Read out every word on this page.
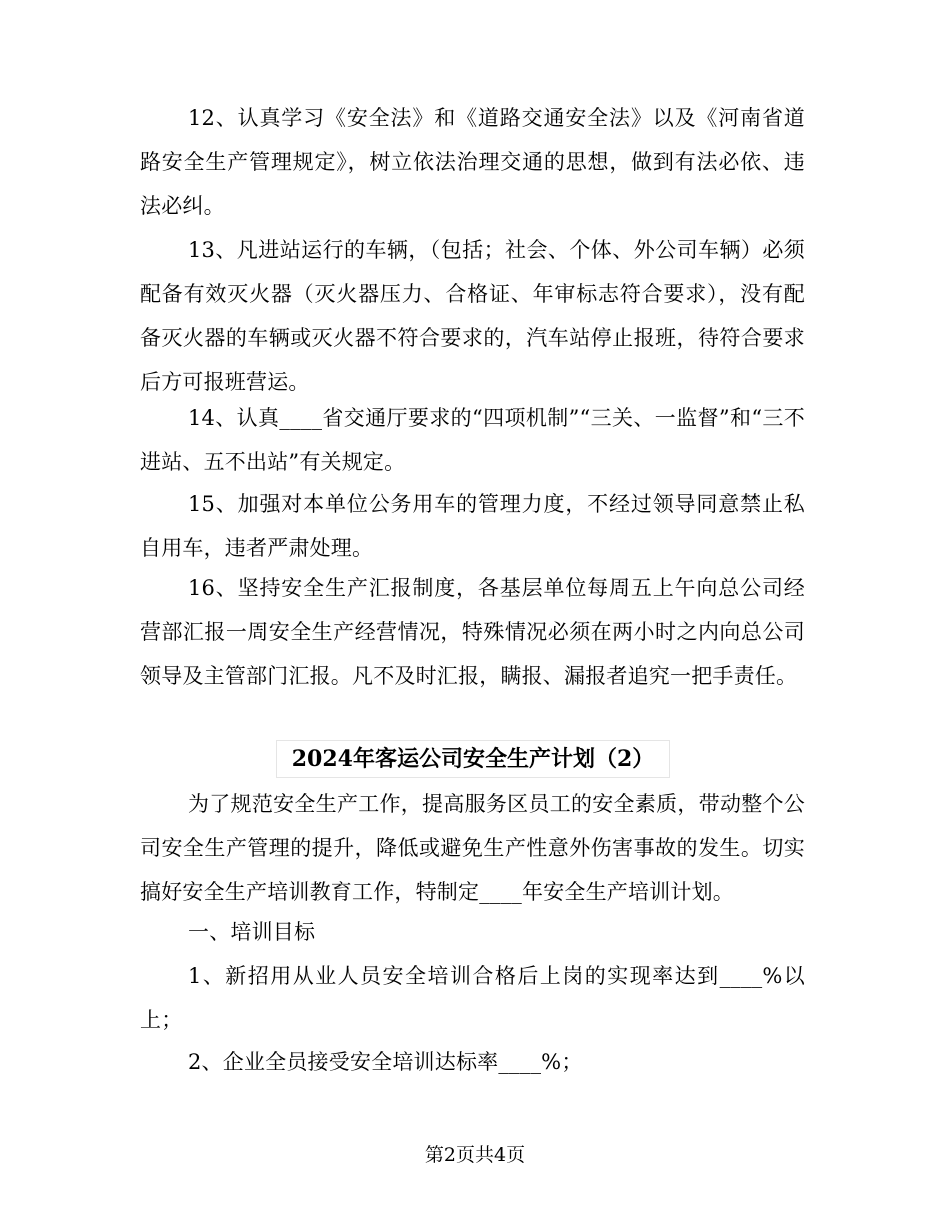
12、认真学习《安全法》和《道路交通安全法》以及《河南省道路安全生产管理规定》，树立依法治理交通的思想，做到有法必依、违法必纠。

13、凡进站运行的车辆，（包括；社会、个体、外公司车辆）必须配备有效灭火器（灭火器压力、合格证、年审标志符合要求），没有配备灭火器的车辆或灭火器不符合要求的，汽车站停止报班，待符合要求后方可报班营运。

14、认真____省交通厅要求的“四项机制”“三关、一监督”和“三不进站、五不出站”有关规定。

15、加强对本单位公务用车的管理力度，不经过领导同意禁止私自用车，违者严肃处理。

16、坚持安全生产汇报制度，各基层单位每周五上午向总公司经营部汇报一周安全生产经营情况，特殊情况必须在两小时之内向总公司领导及主管部门汇报。凡不及时汇报，瞒报、漏报者追究一把手责任。

2024年客运公司安全生产计划（2）

为了规范安全生产工作，提高服务区员工的安全素质，带动整个公司安全生产管理的提升，降低或避免生产性意外伤害事故的发生。切实搞好安全生产培训教育工作，特制定____年安全生产培训计划。

一、培训目标

1、新招用从业人员安全培训合格后上岗的实现率达到____%以上；

2、企业全员接受安全培训达标率____%；

第2页共4页
